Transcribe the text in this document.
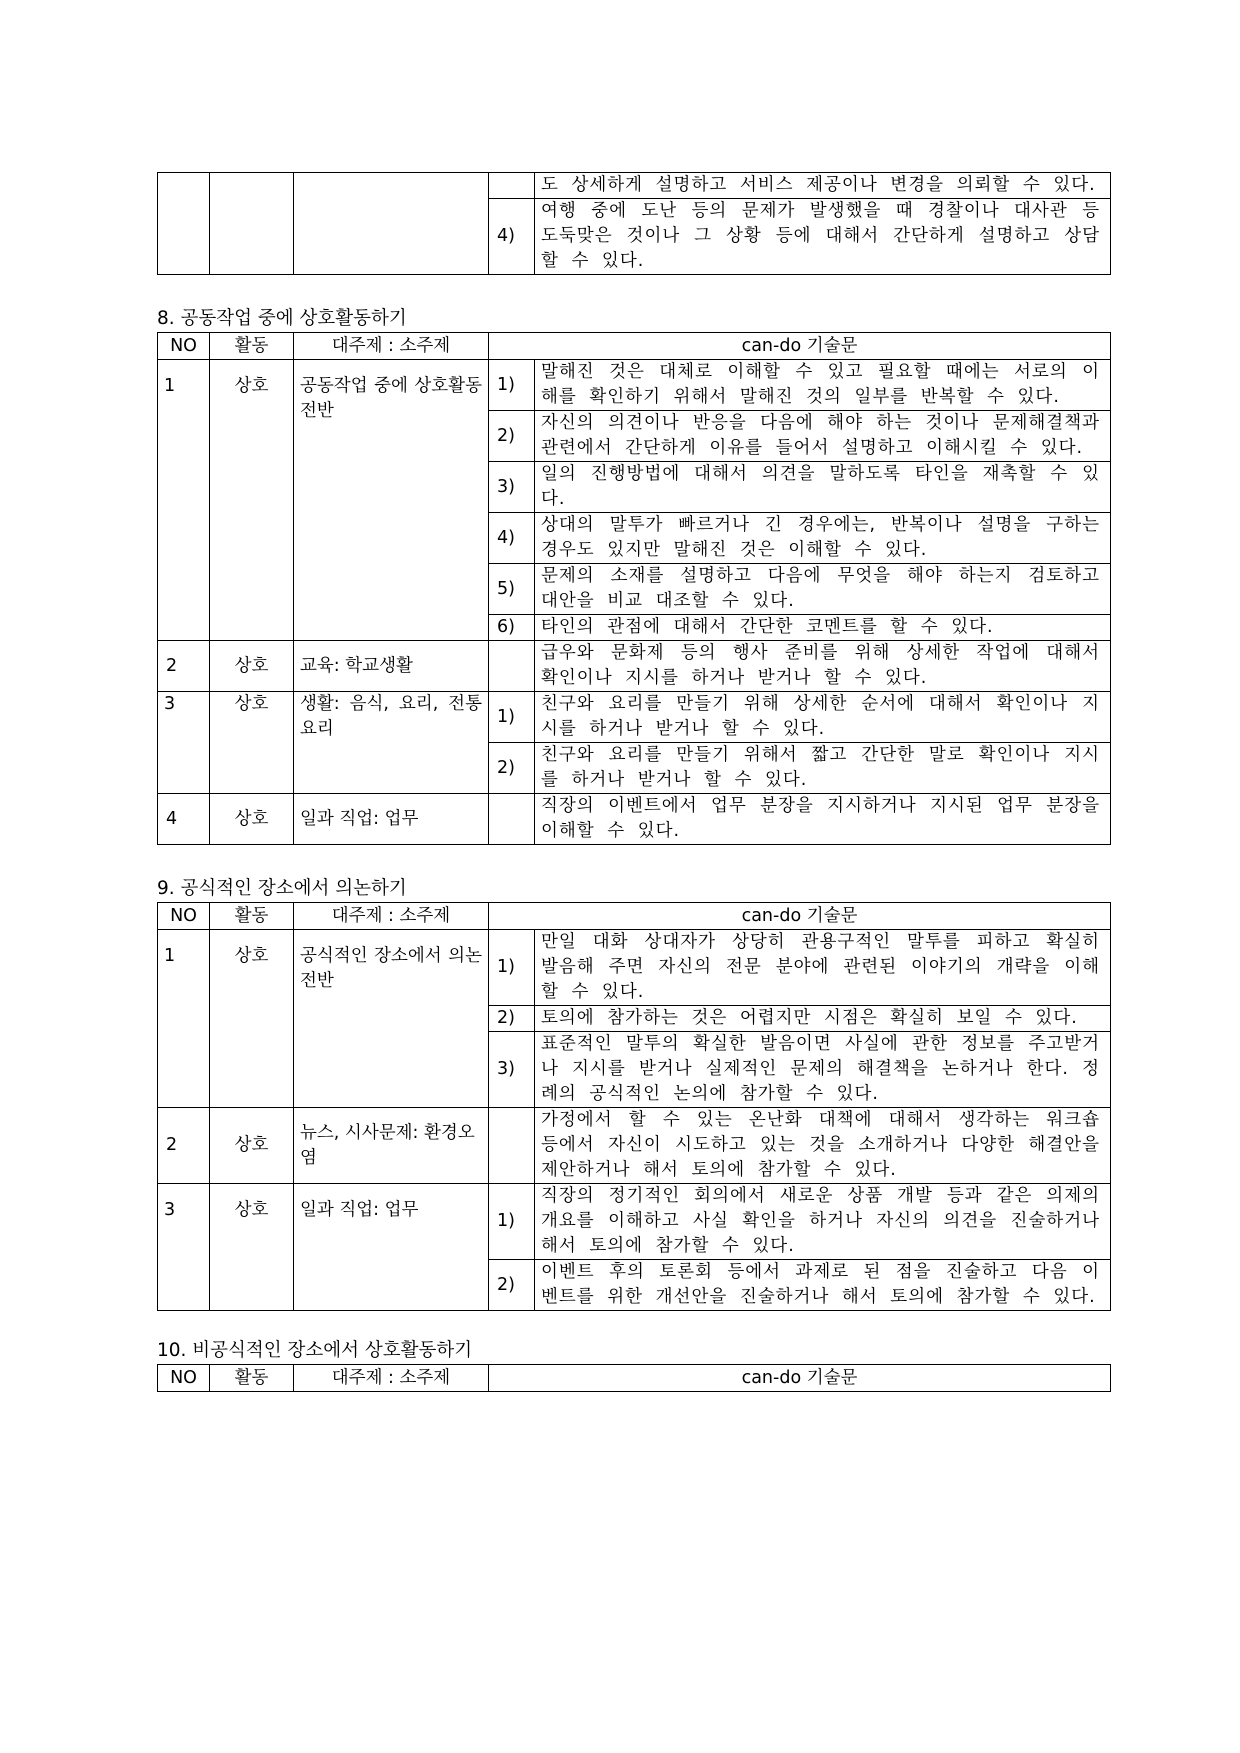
				도 상세하게 설명하고 서비스 제공이나 변경을 의뢰할 수 있다.
			4)	여행 중에 도난 등의 문제가 발생했을 때 경찰이나 대사관 등 도둑맞은 것이나 그 상황 등에 대해서 간단하게 설명하고 상담할 수 있다.

8. 공동작업 중에 상호활동하기

NO	활동	대주제 : 소주제	can-do 기술문	
1	상호	공동작업 중에 상호활동전반	1)	말해진 것은 대체로 이해할 수 있고 필요할 때에는 서로의 이해를 확인하기 위해서 말해진 것의 일부를 반복할 수 있다.
			2)	자신의 의견이나 반응을 다음에 해야 하는 것이나 문제해결책과 관련에서 간단하게 이유를 들어서 설명하고 이해시킬 수 있다.
			3)	일의 진행방법에 대해서 의견을 말하도록 타인을 재촉할 수 있다.
			4)	상대의 말투가 빠르거나 긴 경우에는, 반복이나 설명을 구하는 경우도 있지만 말해진 것은 이해할 수 있다.
			5)	문제의 소재를 설명하고 다음에 무엇을 해야 하는지 검토하고 대안을 비교 대조할 수 있다.
			6)	타인의 관점에 대해서 간단한 코멘트를 할 수 있다.
2	상호	교육: 학교생활		급우와 문화제 등의 행사 준비를 위해 상세한 작업에 대해서 확인이나 지시를 하거나 받거나 할 수 있다.
3	상호	생활: 음식, 요리, 전통요리	1)	친구와 요리를 만들기 위해 상세한 순서에 대해서 확인이나 지시를 하거나 받거나 할 수 있다.
			2)	친구와 요리를 만들기 위해서 짧고 간단한 말로 확인이나 지시를 하거나 받거나 할 수 있다.
4	상호	일과 직업: 업무		직장의 이벤트에서 업무 분장을 지시하거나 지시된 업무 분장을 이해할 수 있다.

9. 공식적인 장소에서 의논하기

NO	활동	대주제 : 소주제	can-do 기술문	
1	상호	공식적인 장소에서 의논전반	1)	만일 대화 상대자가 상당히 관용구적인 말투를 피하고 확실히 발음해 주면 자신의 전문 분야에 관련된 이야기의 개략을 이해할 수 있다.
			2)	토의에 참가하는 것은 어렵지만 시점은 확실히 보일 수 있다.
			3)	표준적인 말투의 확실한 발음이면 사실에 관한 정보를 주고받거나 지시를 받거나 실제적인 문제의 해결책을 논하거나 한다. 정례의 공식적인 논의에 참가할 수 있다.
2	상호	뉴스, 시사문제: 환경오염		가정에서 할 수 있는 온난화 대책에 대해서 생각하는 워크숍 등에서 자신이 시도하고 있는 것을 소개하거나 다양한 해결안을 제안하거나 해서 토의에 참가할 수 있다.
3	상호	일과 직업: 업무	1)	직장의 정기적인 회의에서 새로운 상품 개발 등과 같은 의제의 개요를 이해하고 사실 확인을 하거나 자신의 의견을 진술하거나 해서 토의에 참가할 수 있다.
			2)	이벤트 후의 토론회 등에서 과제로 된 점을 진술하고 다음 이벤트를 위한 개선안을 진술하거나 해서 토의에 참가할 수 있다.

10. 비공식적인 장소에서 상호활동하기

NO	활동	대주제 : 소주제	can-do 기술문
